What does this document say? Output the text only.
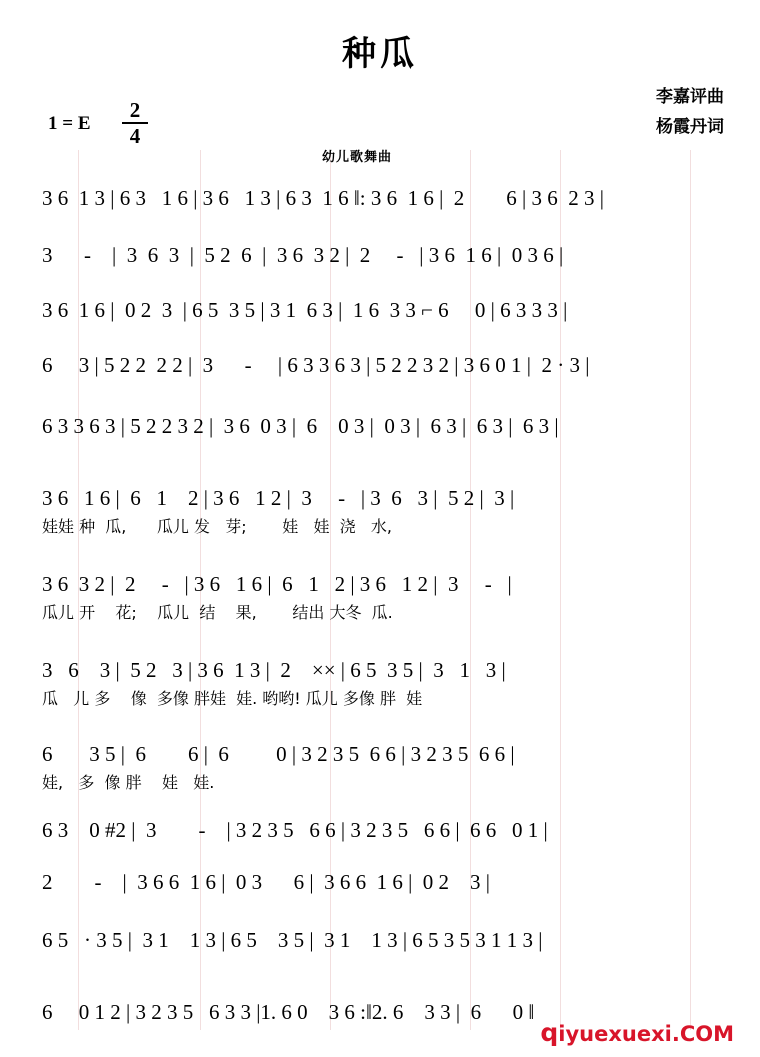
种瓜
李嘉评曲
杨霞丹词
1 = E
2
4
幼儿歌舞曲
3 6  1 3 | 6 3   1 6 | 3 6   1 3 | 6 3  1 6 ‖: 3 6  1 6 |  2        6 | 3 6  2 3 |
3      -    |  3  6  3  |  5 2  6  |  3 6  3 2 |  2     -   | 3 6  1 6 |  0 3 6 |
3 6  1 6 |  0 2  3  | 6 5  3 5 | 3 1  6 3 |  1 6  3 3 ⌐ 6     0 | 6 3 3 3 |
6     3 | 5 2 2  2 2 |  3      -     | 6 3 3 6 3 | 5 2 2 3 2 | 3 6 0 1 |  2 · 3 |
6 3 3 6 3 | 5 2 2 3 2 |  3 6  0 3 |  6    0 3 |  0 3 |  6 3 |  6 3 |  6 3 |
3 6   1 6 |  6   1    2 | 3 6   1 2 |  3     -   | 3  6   3 |  5 2 |  3 |
娃娃 种  瓜,      瓜儿 发   芽;       娃   娃  浇   水,
3 6  3 2 |  2     -   | 3 6   1 6 |  6   1   2 | 3 6   1 2 |  3     -   |
瓜儿 开    花;    瓜儿  结    果,       结出 大冬  瓜.
3   6    3 |  5 2   3 | 3 6  1 3 |  2    ×× | 6 5  3 5 |  3   1   3 |
瓜   儿 多    像  多像 胖娃  娃. 哟哟! 瓜儿 多像 胖  娃
6       3 5 |  6        6 |  6         0 | 3 2 3 5  6 6 | 3 2 3 5  6 6 |
娃,   多  像 胖    娃   娃.
6 3    0 #2 |  3        -    | 3 2 3 5   6 6 | 3 2 3 5   6 6 |  6 6   0 1 |
2        -    |  3 6 6  1 6 |  0 3      6 |  3 6 6  1 6 |  0 2    3 |
6 5   · 3 5 |  3 1    1 3 | 6 5    3 5 |  3 1    1 3 | 6 5 3 5 3 1 1 3 |
6     0 1 2 | 3 2 3 5   6 3 3 |1. 6 0    3 6 :‖2. 6    3 3 |  6      0 ‖
qiyuexuexi.COM
